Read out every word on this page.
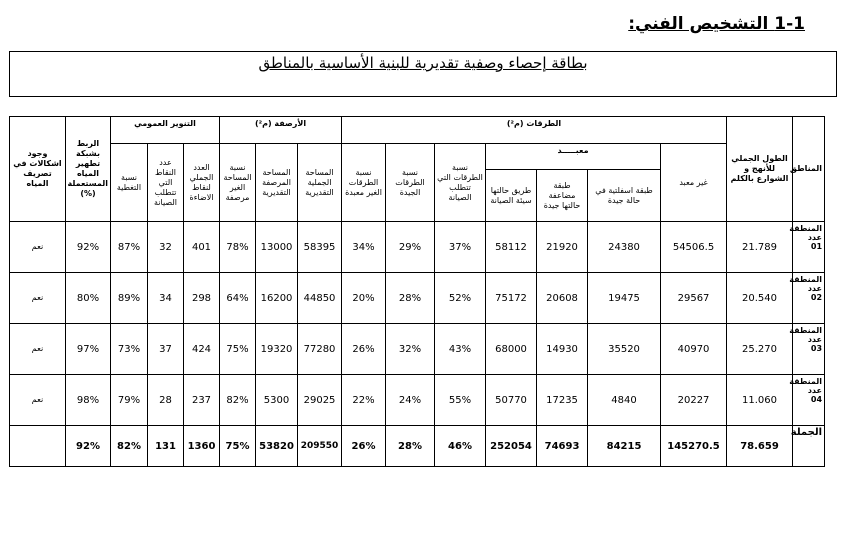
1-1 التشخيص الفني:
بطاقة إحصاء وصفية تقديرية للبنية الأساسية بالمناطق
المناطق	الطول الجملي للأنهج و الشوارع بالكلم	الطرقات (م²)							الأرصفة (م²)			التنوير العمومي			الربط بشبكة تطهير المياه المستعملة (%)	وجود اشكالات في تصريف المياه
		غير معبد	معبـــــد			نسبة الطرقات التي تتطلب الصيانة	نسبة الطرقات الجيدة	نسبة الطرقات الغير معبدة	المساحة الجملية التقديرية	المساحة المرصفة التقديرية	نسبة المساحة الغير مرصفة	العدد الجملي لنقاط الاضاءة	عدد النقاط التي تتطلب الصيانة	نسبة التغطية		
			طبقة اسفلتية في حالة جيدة	طبقة مضاعفة حالتها جيدة	طريق حالتها سيئة الصيانة											
المنطقة عدد 01	21.789	54506.5	24380	21920	58112	37%	29%	34%	58395	13000	78%	401	32	87%	92%	نعم
المنطقة عدد 02	20.540	29567	19475	20608	75172	52%	28%	20%	44850	16200	64%	298	34	89%	80%	نعم
المنطقة عدد 03	25.270	40970	35520	14930	68000	43%	32%	26%	77280	19320	75%	424	37	73%	97%	نعم
المنطقة عدد 04	11.060	20227	4840	17235	50770	55%	24%	22%	29025	5300	82%	237	28	79%	98%	نعم
الجملة	78.659	145270.5	84215	74693	252054	46%	28%	26%	209550	53820	75%	1360	131	82%	92%	
